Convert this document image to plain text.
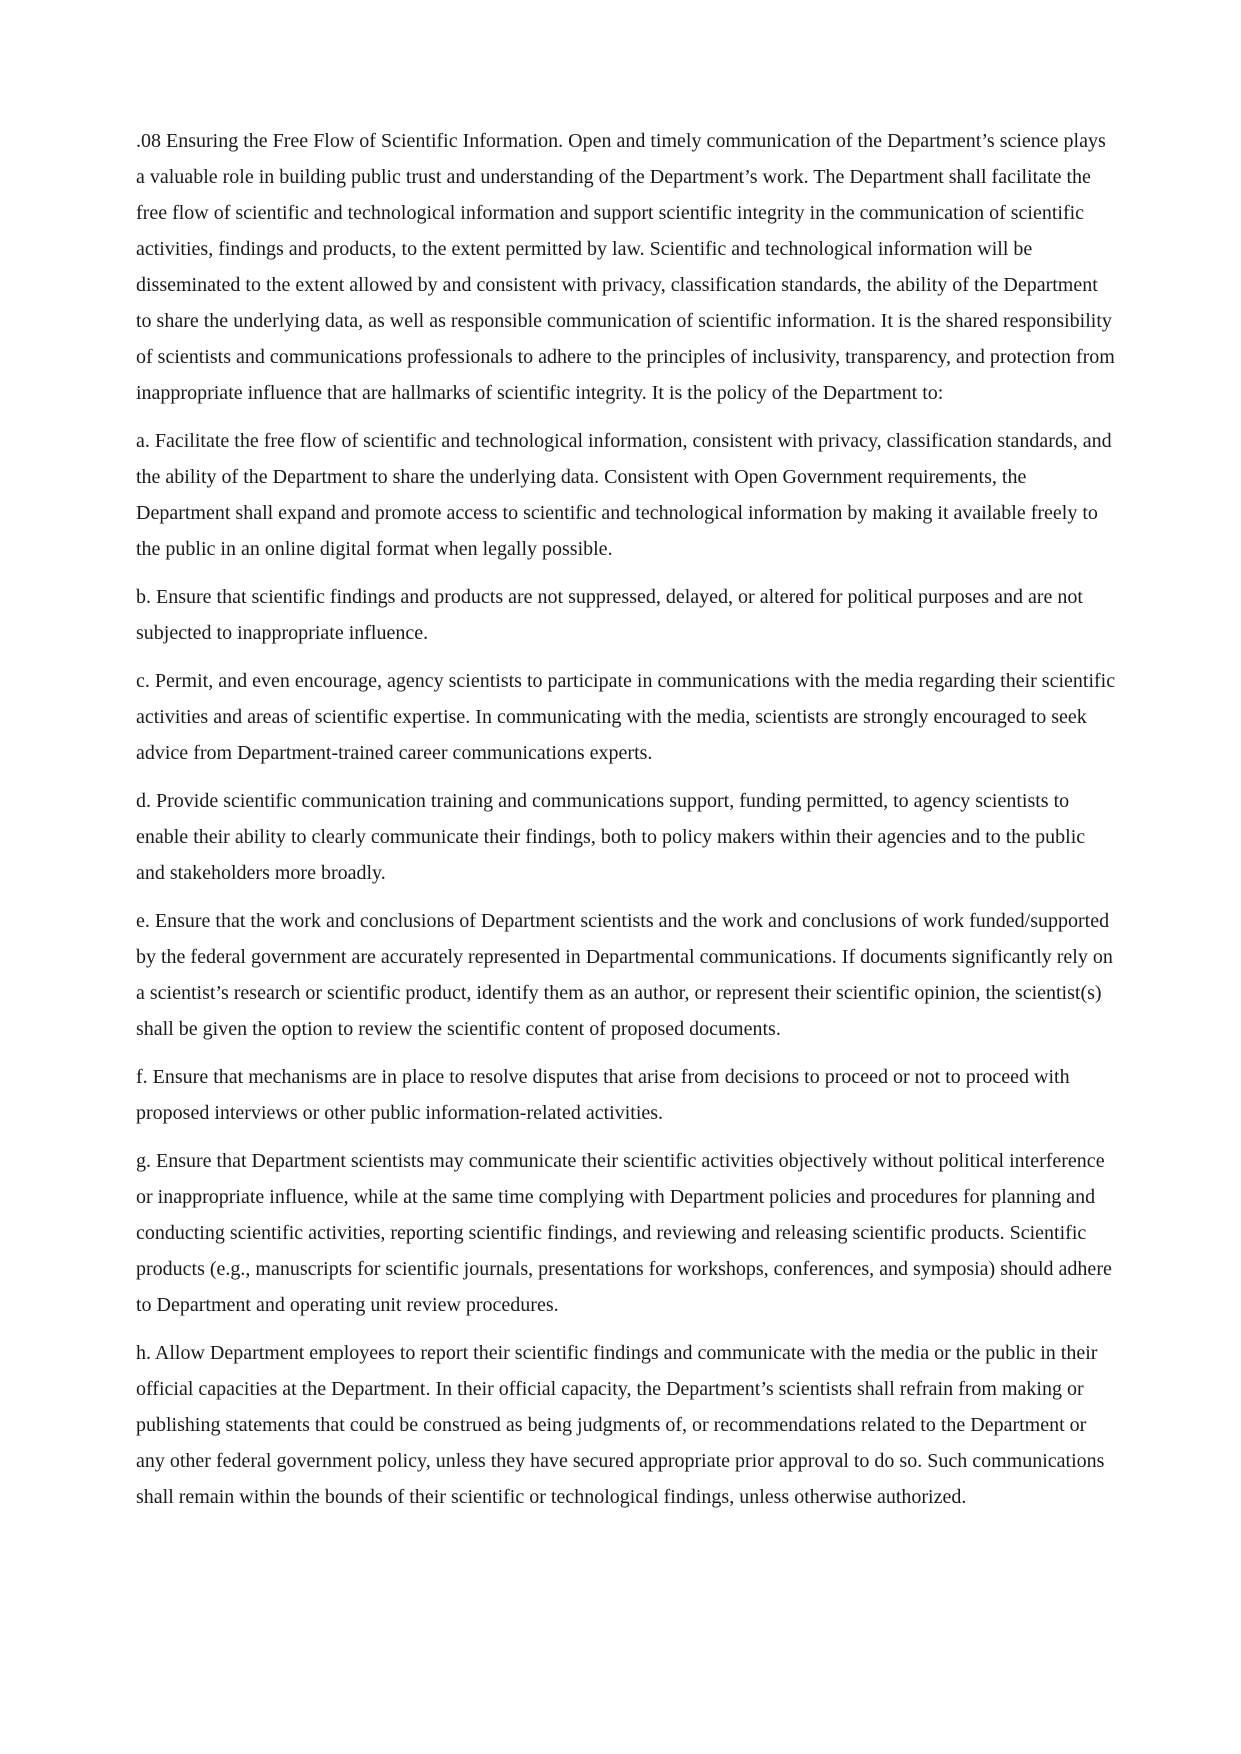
.08 Ensuring the Free Flow of Scientific Information. Open and timely communication of the Department’s science plays a valuable role in building public trust and understanding of the Department’s work. The Department shall facilitate the free flow of scientific and technological information and support scientific integrity in the communication of scientific activities, findings and products, to the extent permitted by law. Scientific and technological information will be disseminated to the extent allowed by and consistent with privacy, classification standards, the ability of the Department to share the underlying data, as well as responsible communication of scientific information. It is the shared responsibility of scientists and communications professionals to adhere to the principles of inclusivity, transparency, and protection from inappropriate influence that are hallmarks of scientific integrity. It is the policy of the Department to:

a. Facilitate the free flow of scientific and technological information, consistent with privacy, classification standards, and the ability of the Department to share the underlying data. Consistent with Open Government requirements, the Department shall expand and promote access to scientific and technological information by making it available freely to the public in an online digital format when legally possible.

b. Ensure that scientific findings and products are not suppressed, delayed, or altered for political purposes and are not subjected to inappropriate influence.

c. Permit, and even encourage, agency scientists to participate in communications with the media regarding their scientific activities and areas of scientific expertise. In communicating with the media, scientists are strongly encouraged to seek advice from Department-trained career communications experts.

d. Provide scientific communication training and communications support, funding permitted, to agency scientists to enable their ability to clearly communicate their findings, both to policy makers within their agencies and to the public and stakeholders more broadly.

e. Ensure that the work and conclusions of Department scientists and the work and conclusions of work funded/supported by the federal government are accurately represented in Departmental communications. If documents significantly rely on a scientist’s research or scientific product, identify them as an author, or represent their scientific opinion, the scientist(s) shall be given the option to review the scientific content of proposed documents.

f. Ensure that mechanisms are in place to resolve disputes that arise from decisions to proceed or not to proceed with proposed interviews or other public information-related activities.

g. Ensure that Department scientists may communicate their scientific activities objectively without political interference or inappropriate influence, while at the same time complying with Department policies and procedures for planning and conducting scientific activities, reporting scientific findings, and reviewing and releasing scientific products. Scientific products (e.g., manuscripts for scientific journals, presentations for workshops, conferences, and symposia) should adhere to Department and operating unit review procedures.

h. Allow Department employees to report their scientific findings and communicate with the media or the public in their official capacities at the Department. In their official capacity, the Department’s scientists shall refrain from making or publishing statements that could be construed as being judgments of, or recommendations related to the Department or any other federal government policy, unless they have secured appropriate prior approval to do so. Such communications shall remain within the bounds of their scientific or technological findings, unless otherwise authorized.
